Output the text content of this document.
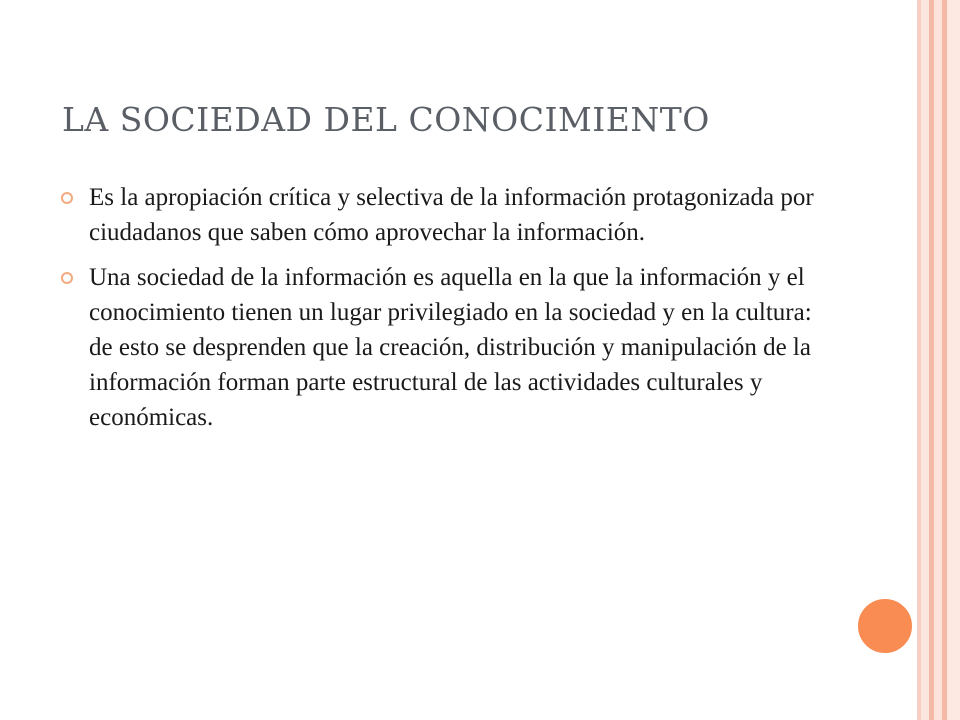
LA SOCIEDAD DEL CONOCIMIENTO
Es la apropiación crítica y selectiva de la información protagonizada por ciudadanos que saben cómo aprovechar la información.
Una sociedad de la información es aquella en la que la información y el conocimiento tienen un lugar privilegiado en la sociedad y en la cultura: de esto se desprenden que la creación, distribución y manipulación de la información forman parte estructural de las actividades culturales y económicas.
